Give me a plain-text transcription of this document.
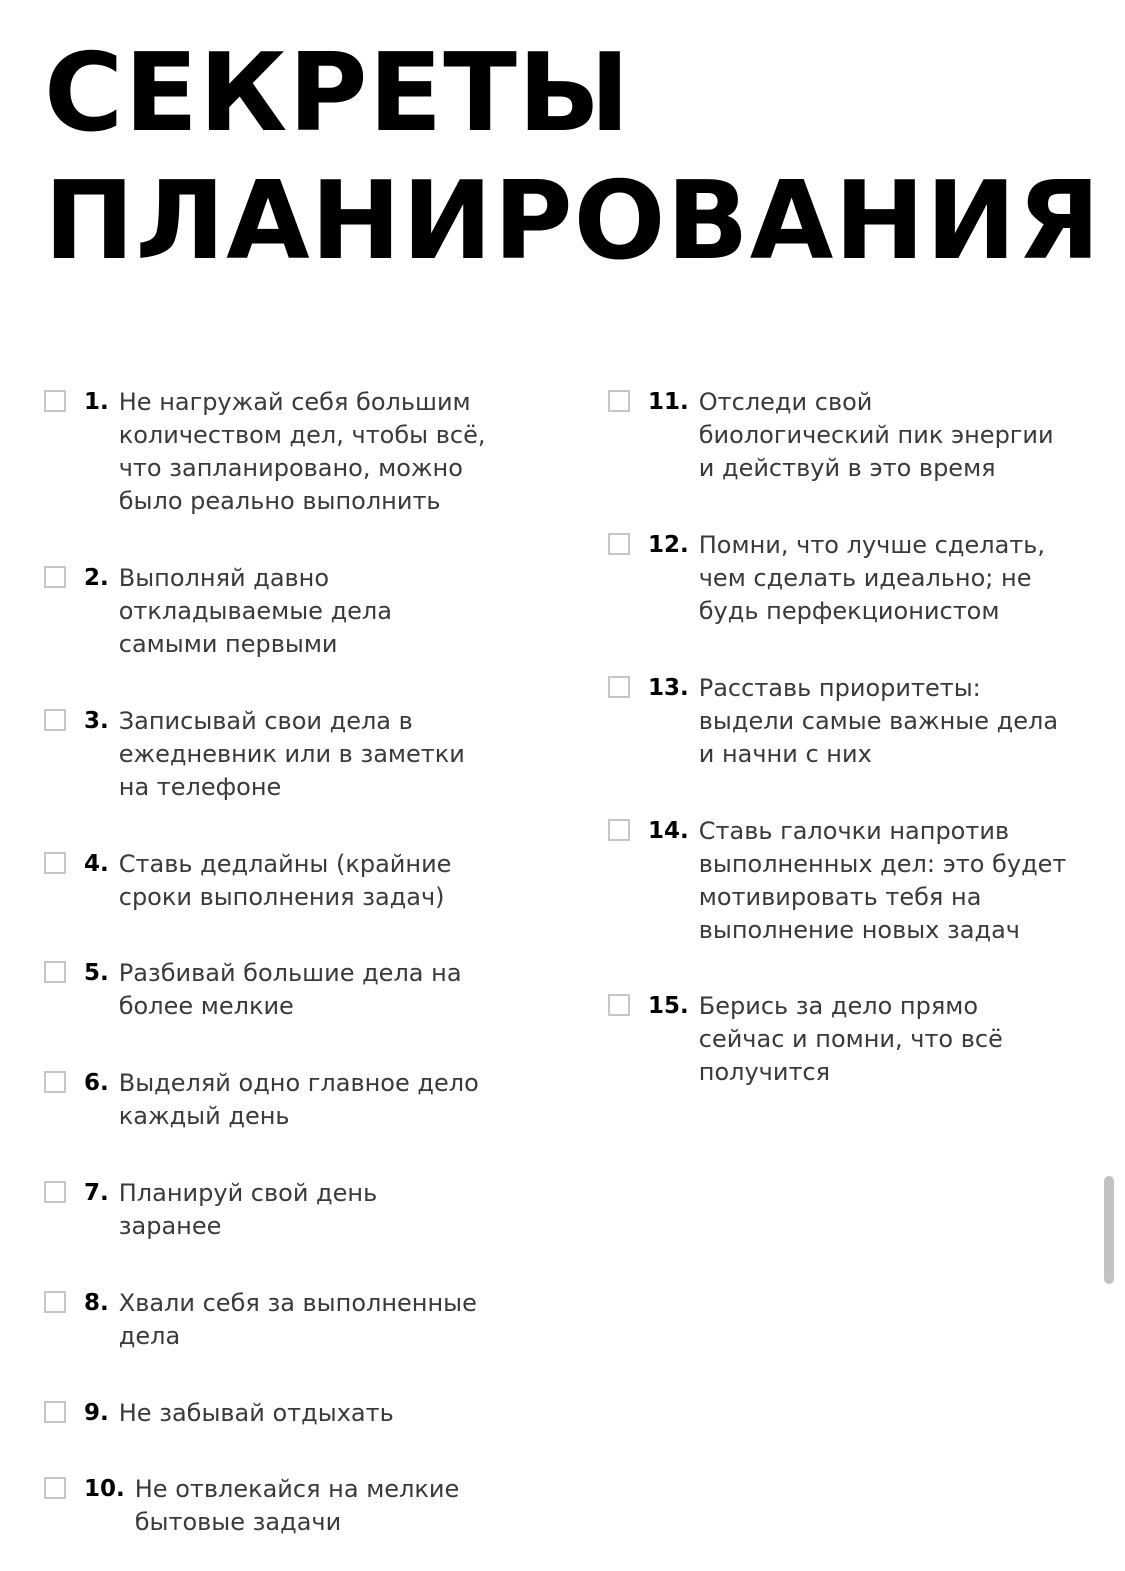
СЕКРЕТЫ
ПЛАНИРОВАНИЯ
1. Не нагружай себя большим
количеством дел, чтобы всё,
что запланировано, можно
было реально выполнить
2. Выполняй давно
откладываемые дела
самыми первыми
3. Записывай свои дела в
ежедневник или в заметки
на телефоне
4. Ставь дедлайны (крайние
сроки выполнения задач)
5. Разбивай большие дела на
более мелкие
6. Выделяй одно главное дело
каждый день
7. Планируй свой день
заранее
8. Хвали себя за выполненные
дела
9. Не забывай отдыхать
10. Не отвлекайся на мелкие
бытовые задачи
11. Отследи свой
биологический пик энергии
и действуй в это время
12. Помни, что лучше сделать,
чем сделать идеально; не
будь перфекционистом
13. Расставь приоритеты:
выдели самые важные дела
и начни с них
14. Ставь галочки напротив
выполненных дел: это будет
мотивировать тебя на
выполнение новых задач
15. Берись за дело прямо
сейчас и помни, что всё
получится
